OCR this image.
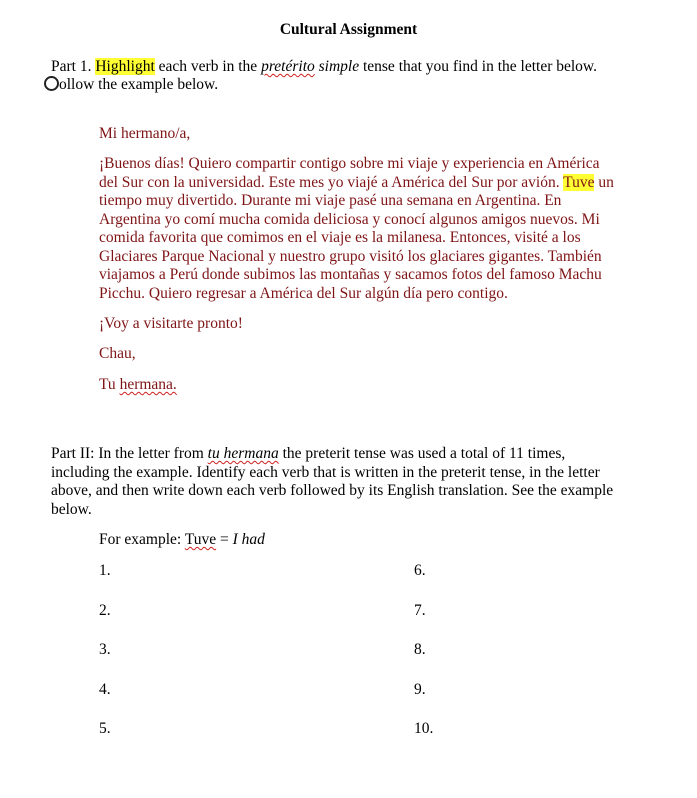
Cultural Assignment
Part 1. Highlight each verb in the pretérito simple tense that you find in the letter below.
ollow the example below.
Mi hermano/a,
¡Buenos días! Quiero compartir contigo sobre mi viaje y experiencia en América
del Sur con la universidad. Este mes yo viajé a América del Sur por avión. Tuve un
tiempo muy divertido. Durante mi viaje pasé una semana en Argentina. En
Argentina yo comí mucha comida deliciosa y conocí algunos amigos nuevos. Mi
comida favorita que comimos en el viaje es la milanesa. Entonces, visité a los
Glaciares Parque Nacional y nuestro grupo visitó los glaciares gigantes. También
viajamos a Perú donde subimos las montañas y sacamos fotos del famoso Machu
Picchu. Quiero regresar a América del Sur algún día pero contigo.
¡Voy a visitarte pronto!
Chau,
Tu hermana.
Part II: In the letter from tu hermana the preterit tense was used a total of 11 times,
including the example. Identify each verb that is written in the preterit tense, in the letter
above, and then write down each verb followed by its English translation. See the example
below.
For example: Tuve = I had
1.
2.
3.
4.
5.
6.
7.
8.
9.
10.
